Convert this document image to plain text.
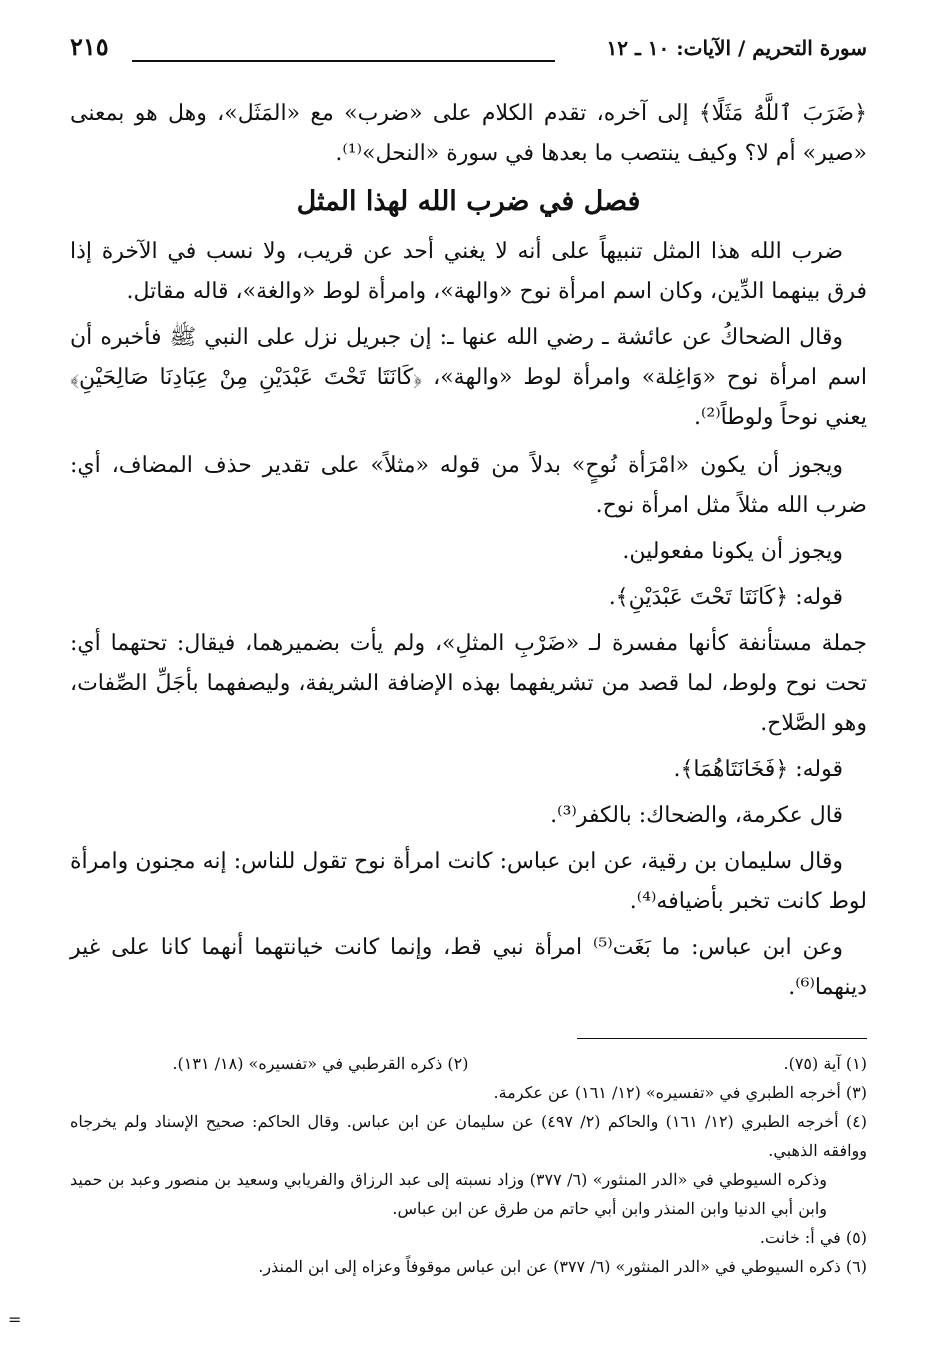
سورة التحريم / الآيات: ١٠ ـ ١٢
٢١٥

﴿ضَرَبَ ٱللَّهُ مَثَلًا﴾ إلى آخره، تقدم الكلام على «ضرب» مع «المَثَل»، وهل هو بمعنى «صير» أم لا؟ وكيف ينتصب ما بعدها في سورة «النحل»⁽¹⁾.

فصل في ضرب الله لهذا المثل

ضرب الله هذا المثل تنبيهاً على أنه لا يغني أحد عن قريب، ولا نسب في الآخرة إذا فرق بينهما الدِّين، وكان اسم امرأة نوح «والهة»، وامرأة لوط «والغة»، قاله مقاتل.

وقال الضحاكُ عن عائشة ـ رضي الله عنها ـ: إن جبريل نزل على النبي ﷺ فأخبره أن اسم امرأة نوح «وَاغِلة» وامرأة لوط «والهة»، ﴿كَانَتَا تَحْتَ عَبْدَيْنِ مِنْ عِبَادِنَا صَالِحَيْنِ﴾ يعني نوحاً ولوطاً⁽²⁾.

ويجوز أن يكون «امْرَأة نُوحٍ» بدلاً من قوله «مثلاً» على تقدير حذف المضاف، أي: ضرب الله مثلاً مثل امرأة نوح.

ويجوز أن يكونا مفعولين.

قوله: ﴿كَانَتَا تَحْتَ عَبْدَيْنِ﴾.

جملة مستأنفة كأنها مفسرة لـ «ضَرْبِ المثلِ»، ولم يأت بضميرهما، فيقال: تحتهما أي: تحت نوح ولوط، لما قصد من تشريفهما بهذه الإضافة الشريفة، وليصفهما بأجَلِّ الصِّفات، وهو الصَّلاح.

قوله: ﴿فَخَانَتَاهُمَا﴾.

قال عكرمة، والضحاك: بالكفر⁽³⁾.

وقال سليمان بن رقية، عن ابن عباس: كانت امرأة نوح تقول للناس: إنه مجنون وامرأة لوط كانت تخبر بأضيافه⁽⁴⁾.

وعن ابن عباس: ما بَغَت⁽⁵⁾ امرأة نبي قط، وإنما كانت خيانتهما أنهما كانا على غير دينهما⁽⁶⁾.

(١) آية (٧٥).
(٢) ذكره القرطبي في «تفسيره» (١٨/ ١٣١).

(٣) أخرجه الطبري في «تفسيره» (١٢/ ١٦١) عن عكرمة.

(٤) أخرجه الطبري (١٢/ ١٦١) والحاكم (٢/ ٤٩٧) عن سليمان عن ابن عباس. وقال الحاكم: صحيح الإسناد ولم يخرجاه ووافقه الذهبي.

وذكره السيوطي في «الدر المنثور» (٦/ ٣٧٧) وزاد نسبته إلى عبد الرزاق والفريابي وسعيد بن منصور وعبد بن حميد وابن أبي الدنيا وابن المنذر وابن أبي حاتم من طرق عن ابن عباس.

(٥) في أ: خانت.

(٦) ذكره السيوطي في «الدر المنثور» (٦/ ٣٧٧) عن ابن عباس موقوفاً وعزاه إلى ابن المنذر.

=
